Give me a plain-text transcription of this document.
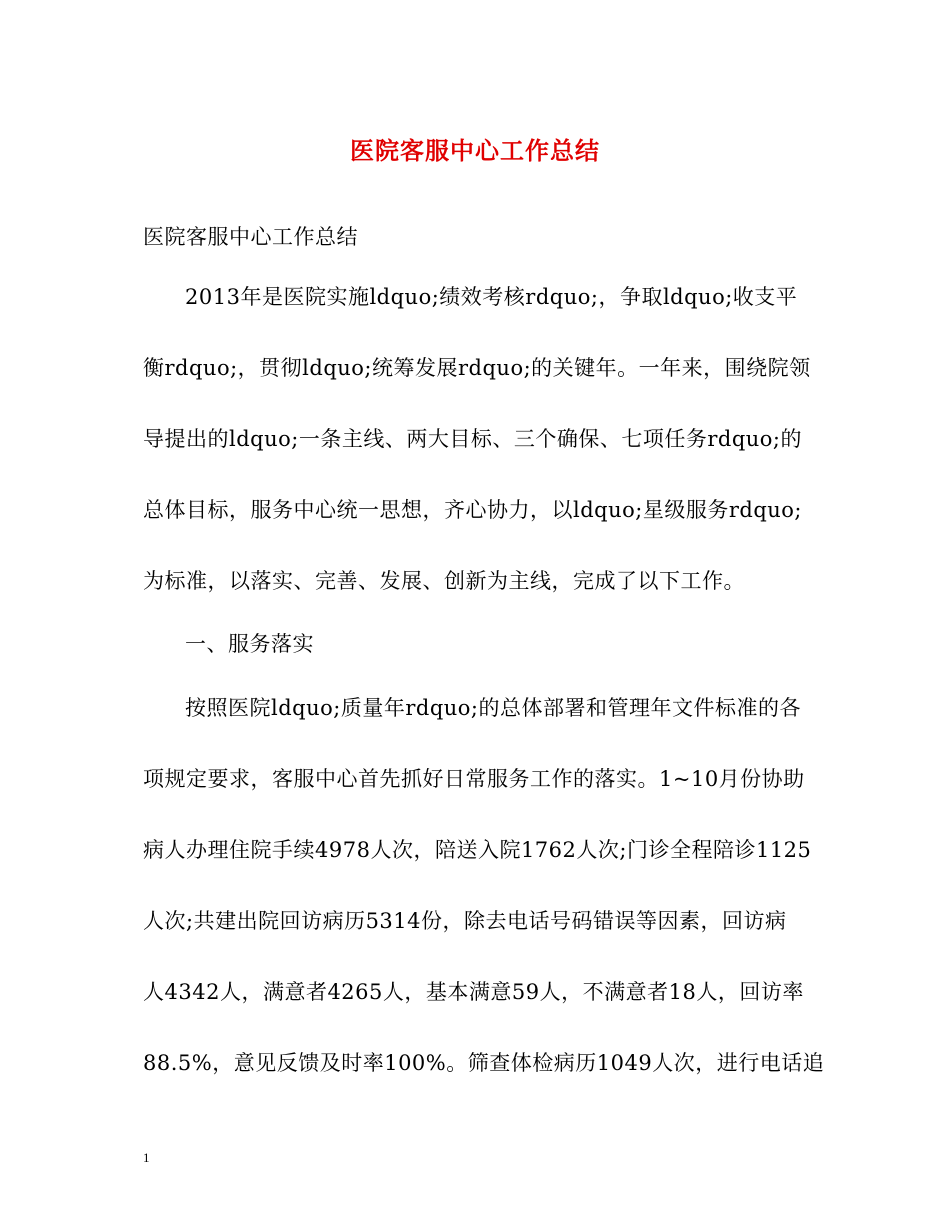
医院客服中心工作总结
医院客服中心工作总结
2013年是医院实施ldquo;绩效考核rdquo;，争取ldquo;收支平
衡rdquo;，贯彻ldquo;统筹发展rdquo;的关键年。一年来，围绕院领
导提出的ldquo;一条主线、两大目标、三个确保、七项任务rdquo;的
总体目标，服务中心统一思想，齐心协力，以ldquo;星级服务rdquo;
为标准，以落实、完善、发展、创新为主线，完成了以下工作。
一、服务落实
按照医院ldquo;质量年rdquo;的总体部署和管理年文件标准的各
项规定要求，客服中心首先抓好日常服务工作的落实。1~10月份协助
病人办理住院手续4978人次，陪送入院1762人次;门诊全程陪诊1125
人次;共建出院回访病历5314份，除去电话号码错误等因素，回访病
人4342人，满意者4265人，基本满意59人，不满意者18人，回访率
88.5%，意见反馈及时率100%。筛查体检病历1049人次，进行电话追
1
